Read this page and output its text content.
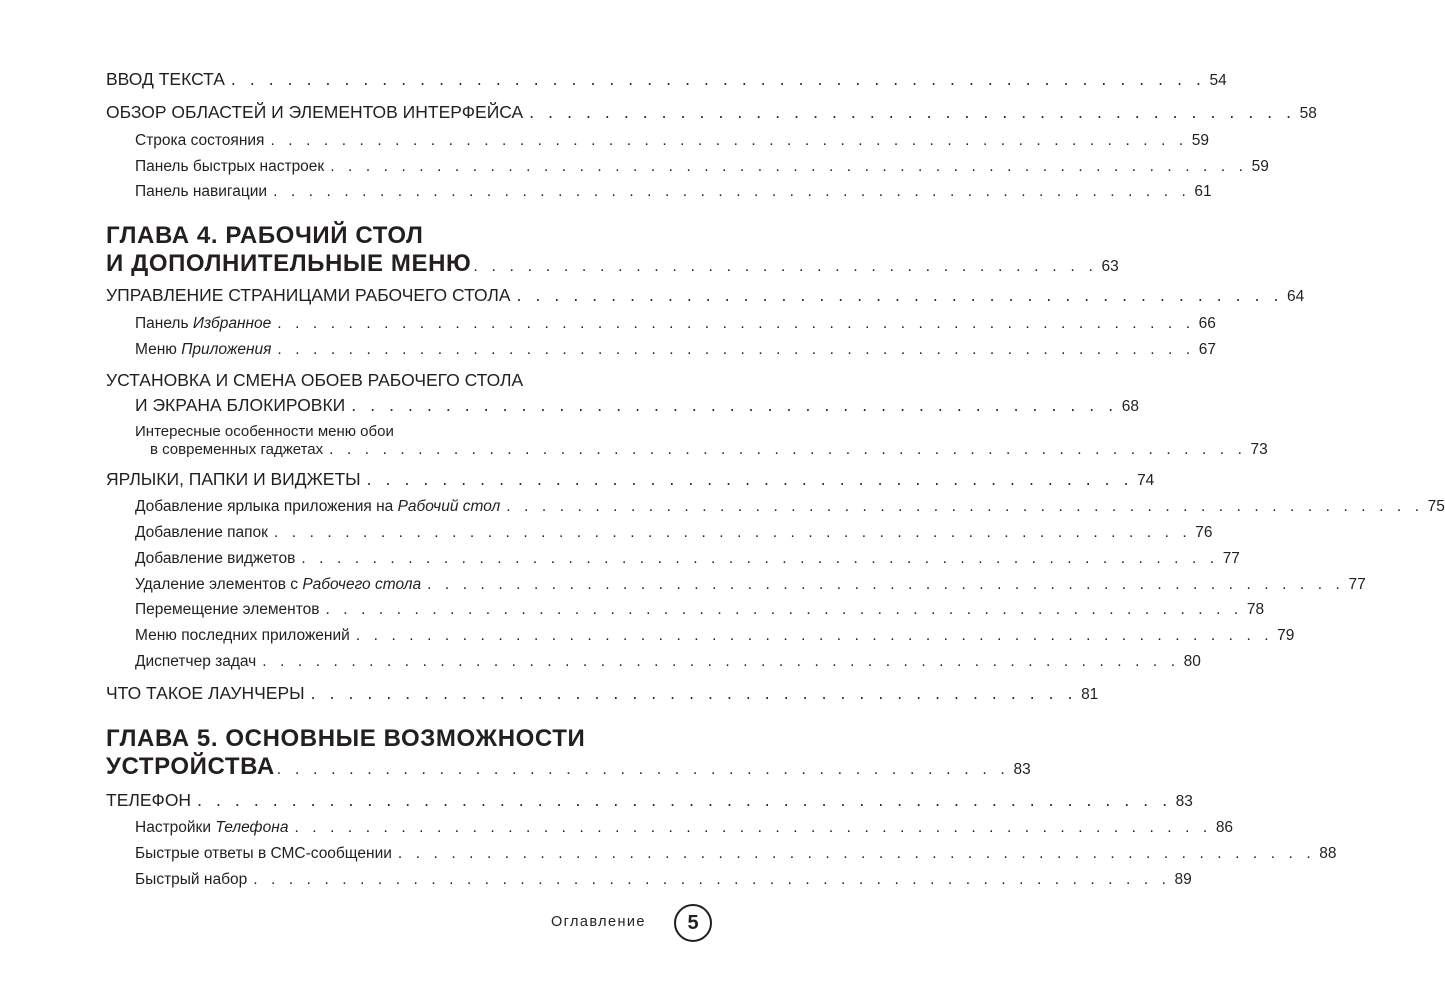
ВВОД ТЕКСТА . . . . . . . . . . . . . . . . . . . . . . . . . . . . . . . . . . . . . . . . . . . . . . . . . . . . 54
ОБЗОР ОБЛАСТЕЙ И ЭЛЕМЕНТОВ ИНТЕРФЕЙСА . . . . . . . . . . . . . . . . . . . . . . . . . . . . . . . . . . . . . . . . . 58
Строка состояния . . . . . . . . . . . . . . . . . . . . . . . . . . . . . . . . . . . . . . . . . . . . . . . . . . . . 59
Панель быстрых настроек . . . . . . . . . . . . . . . . . . . . . . . . . . . . . . . . . . . . . . . . . . . . . . . . . . . . 59
Панель навигации . . . . . . . . . . . . . . . . . . . . . . . . . . . . . . . . . . . . . . . . . . . . . . . . . . . . 61
ГЛАВА 4. РАБОЧИЙ СТОЛ
И ДОПОЛНИТЕЛЬНЫЕ МЕНЮ . . . . . . . . . . . . . . . . . . . . . . . . . . . . . . . . . . . 63
УПРАВЛЕНИЕ СТРАНИЦАМИ РАБОЧЕГО СТОЛА . . . . . . . . . . . . . . . . . . . . . . . . . . . . . . . . . . . . . . . . . 64
Панель Избранное . . . . . . . . . . . . . . . . . . . . . . . . . . . . . . . . . . . . . . . . . . . . . . . . . . . . 66
Меню Приложения . . . . . . . . . . . . . . . . . . . . . . . . . . . . . . . . . . . . . . . . . . . . . . . . . . . . 67
УСТАНОВКА И СМЕНА ОБОЕВ РАБОЧЕГО СТОЛА
И ЭКРАНА БЛОКИРОВКИ . . . . . . . . . . . . . . . . . . . . . . . . . . . . . . . . . . . . . . . . . 68
Интересные особенности меню обои
в современных гаджетах . . . . . . . . . . . . . . . . . . . . . . . . . . . . . . . . . . . . . . . . . . . . . . . . . . . . 73
ЯРЛЫКИ, ПАПКИ И ВИДЖЕТЫ . . . . . . . . . . . . . . . . . . . . . . . . . . . . . . . . . . . . . . . . . 74
Добавление ярлыка приложения на Рабочий стол . . . . . . . . . . . . . . . . . . . . . . . . . . . . . . . . . . . . . . . . . . . . . . . . . . . . 75
Добавление папок . . . . . . . . . . . . . . . . . . . . . . . . . . . . . . . . . . . . . . . . . . . . . . . . . . . . 76
Добавление виджетов . . . . . . . . . . . . . . . . . . . . . . . . . . . . . . . . . . . . . . . . . . . . . . . . . . . . 77
Удаление элементов с Рабочего стола . . . . . . . . . . . . . . . . . . . . . . . . . . . . . . . . . . . . . . . . . . . . . . . . . . . . 77
Перемещение элементов . . . . . . . . . . . . . . . . . . . . . . . . . . . . . . . . . . . . . . . . . . . . . . . . . . . . 78
Меню последних приложений . . . . . . . . . . . . . . . . . . . . . . . . . . . . . . . . . . . . . . . . . . . . . . . . . . . . 79
Диспетчер задач . . . . . . . . . . . . . . . . . . . . . . . . . . . . . . . . . . . . . . . . . . . . . . . . . . . . 80
ЧТО ТАКОЕ ЛАУНЧЕРЫ . . . . . . . . . . . . . . . . . . . . . . . . . . . . . . . . . . . . . . . . . 81
ГЛАВА 5. ОСНОВНЫЕ ВОЗМОЖНОСТИ
УСТРОЙСТВА . . . . . . . . . . . . . . . . . . . . . . . . . . . . . . . . . . . . . . . . . 83
ТЕЛЕФОН . . . . . . . . . . . . . . . . . . . . . . . . . . . . . . . . . . . . . . . . . . . . . . . . . . . . 83
Настройки Телефона . . . . . . . . . . . . . . . . . . . . . . . . . . . . . . . . . . . . . . . . . . . . . . . . . . . . 86
Быстрые ответы в СМС-сообщении . . . . . . . . . . . . . . . . . . . . . . . . . . . . . . . . . . . . . . . . . . . . . . . . . . . . 88
Быстрый набор . . . . . . . . . . . . . . . . . . . . . . . . . . . . . . . . . . . . . . . . . . . . . . . . . . . . 89
Оглавление 5
